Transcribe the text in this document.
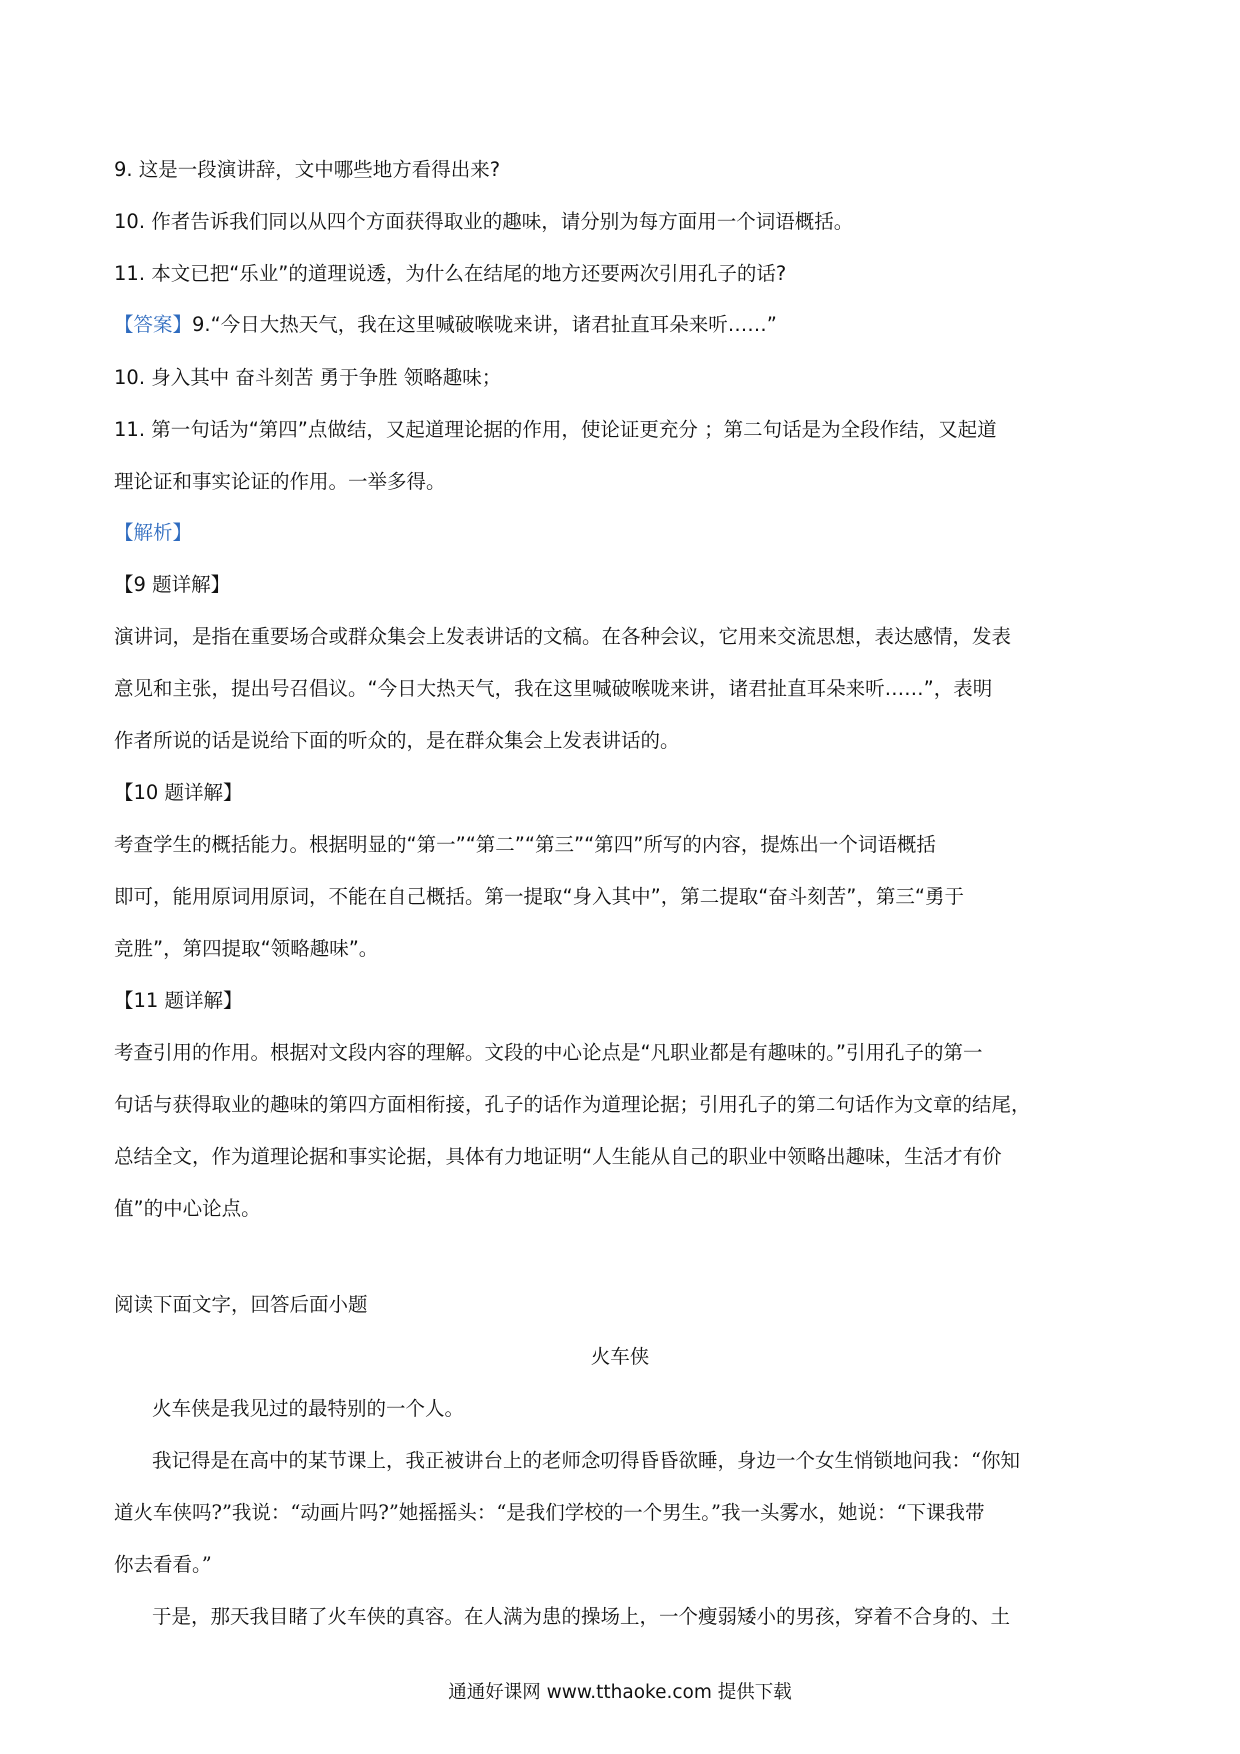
9. 这是一段演讲辞，文中哪些地方看得出来?
10. 作者告诉我们同以从四个方面获得取业的趣味，请分别为每方面用一个词语概括。
11. 本文已把“乐业”的道理说透，为什么在结尾的地方还要两次引用孔子的话?
【答案】9.“今日大热天气，我在这里喊破喉咙来讲，诸君扯直耳朵来听……”
10. 身入其中 奋斗刻苦 勇于争胜 领略趣味；
11. 第一句话为“第四”点做结，又起道理论据的作用，使论证更充分 ；第二句话是为全段作结，又起道
理论证和事实论证的作用。一举多得。
【解析】
【9 题详解】
演讲词，是指在重要场合或群众集会上发表讲话的文稿。在各种会议，它用来交流思想，表达感情，发表
意见和主张，提出号召倡议。“今日大热天气，我在这里喊破喉咙来讲，诸君扯直耳朵来听……”，表明
作者所说的话是说给下面的听众的，是在群众集会上发表讲话的。
【10 题详解】
考查学生的概括能力。根据明显的“第一”“第二”“第三”“第四”所写的内容，提炼出一个词语概括
即可，能用原词用原词，不能在自己概括。第一提取“身入其中”，第二提取“奋斗刻苦”，第三“勇于
竞胜”，第四提取“领略趣味”。
【11 题详解】
考查引用的作用。根据对文段内容的理解。文段的中心论点是“凡职业都是有趣味的。”引用孔子的第一
句话与获得取业的趣味的第四方面相衔接，孔子的话作为道理论据；引用孔子的第二句话作为文章的结尾，
总结全文，作为道理论据和事实论据，具体有力地证明“人生能从自己的职业中领略出趣味，生活才有价
值”的中心论点。
阅读下面文字，回答后面小题
火车侠
火车侠是我见过的最特别的一个人。
我记得是在高中的某节课上，我正被讲台上的老师念叨得昏昏欲睡，身边一个女生悄锁地问我：“你知
道火车侠吗?”我说：“动画片吗?”她摇摇头：“是我们学校的一个男生。”我一头雾水，她说：“下课我带
你去看看。”
于是，那天我目睹了火车侠的真容。在人满为患的操场上，一个瘦弱矮小的男孩，穿着不合身的、土
通通好课网 www.tthaoke.com 提供下载
